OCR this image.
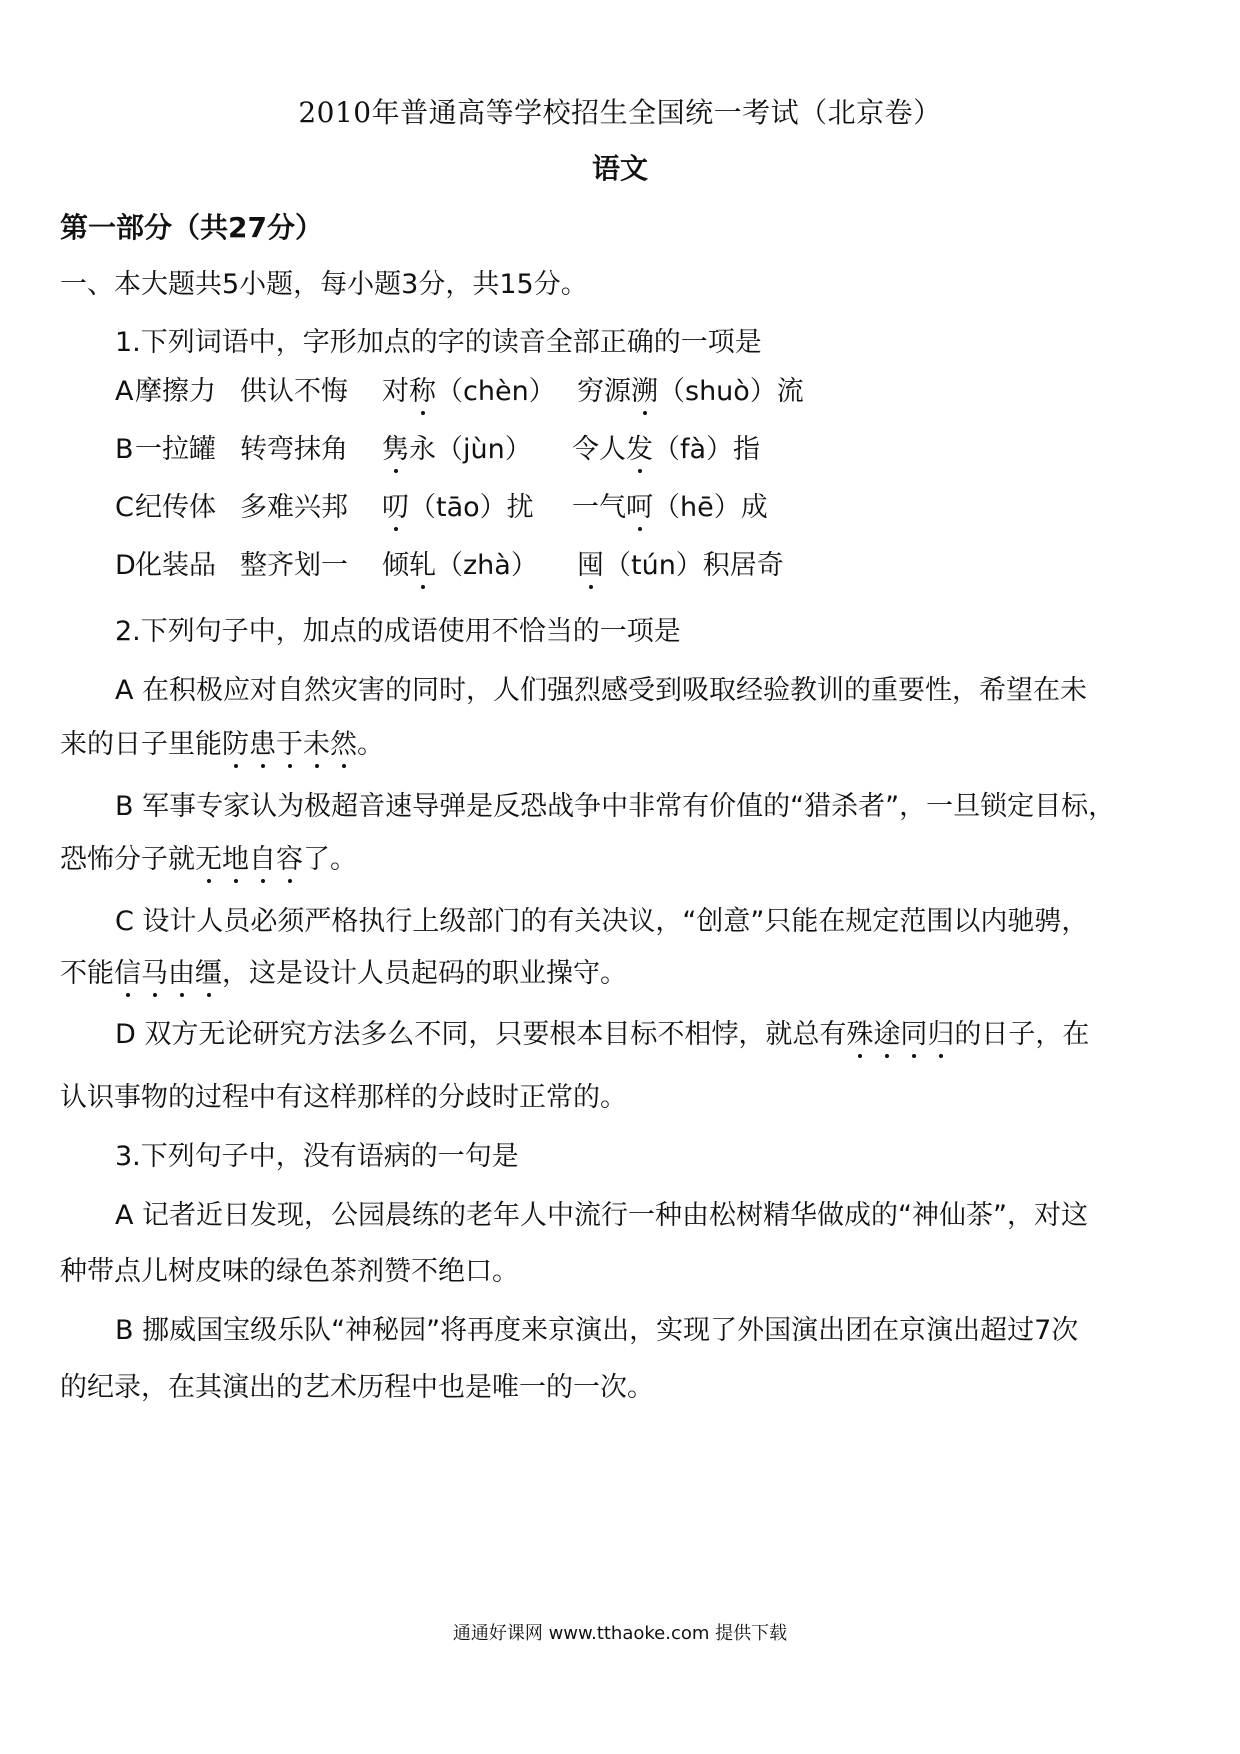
2010年普通高等学校招生全国统一考试（北京卷）
语文
第一部分（共27分）
一、本大题共5小题，每小题3分，共15分。
1.下列词语中，字形加点的字的读音全部正确的一项是
A 摩擦力 供认不悔 对称（chèn） 穷源溯（shuò）流
B 一拉罐 转弯抹角 隽永（jùn） 令人发（fà）指
C 纪传体 多难兴邦 叨（tāo）扰 一气呵（hē）成
D 化装品 整齐划一 倾轧（zhà） 囤（tún）积居奇
2.下列句子中，加点的成语使用不恰当的一项是
A 在积极应对自然灾害的同时，人们强烈感受到吸取经验教训的重要性，希望在未
来的日子里能防患于未然。
B 军事专家认为极超音速导弹是反恐战争中非常有价值的“猎杀者”，一旦锁定目标，
恐怖分子就无地自容了。
C 设计人员必须严格执行上级部门的有关决议，“创意”只能在规定范围以内驰骋，
不能信马由缰，这是设计人员起码的职业操守。
D 双方无论研究方法多么不同，只要根本目标不相悖，就总有殊途同归的日子，在
认识事物的过程中有这样那样的分歧时正常的。
3.下列句子中，没有语病的一句是
A 记者近日发现，公园晨练的老年人中流行一种由松树精华做成的“神仙茶”，对这
种带点儿树皮味的绿色茶剂赞不绝口。
B 挪威国宝级乐队“神秘园”将再度来京演出，实现了外国演出团在京演出超过7次
的纪录，在其演出的艺术历程中也是唯一的一次。
通通好课网 www.tthaoke.com 提供下载
